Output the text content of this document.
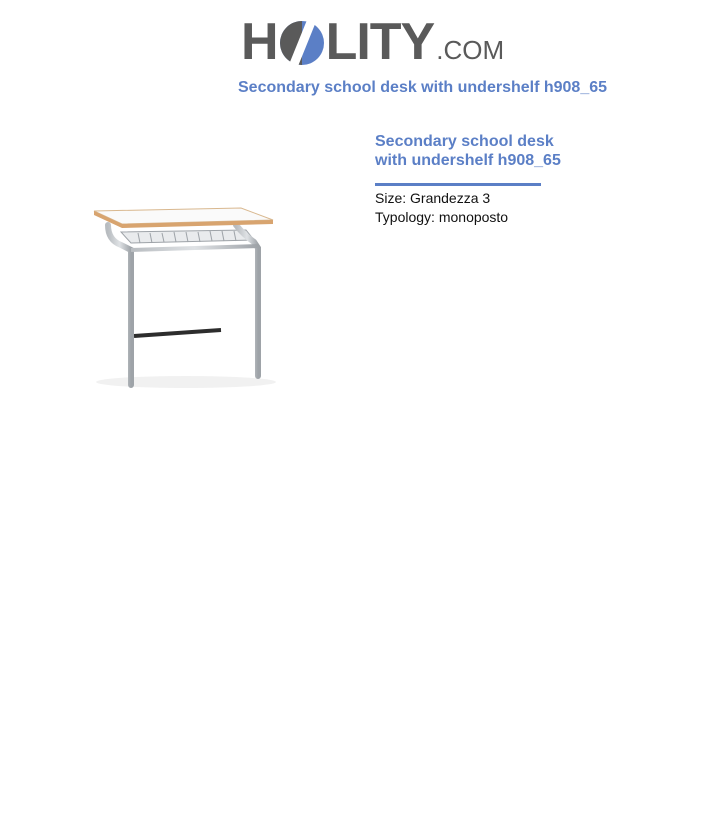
H LITY .COM
Secondary school desk with undershelf h908_65
Secondary school desk
with undershelf h908_65
Size: Grandezza 3
Typology: monoposto
